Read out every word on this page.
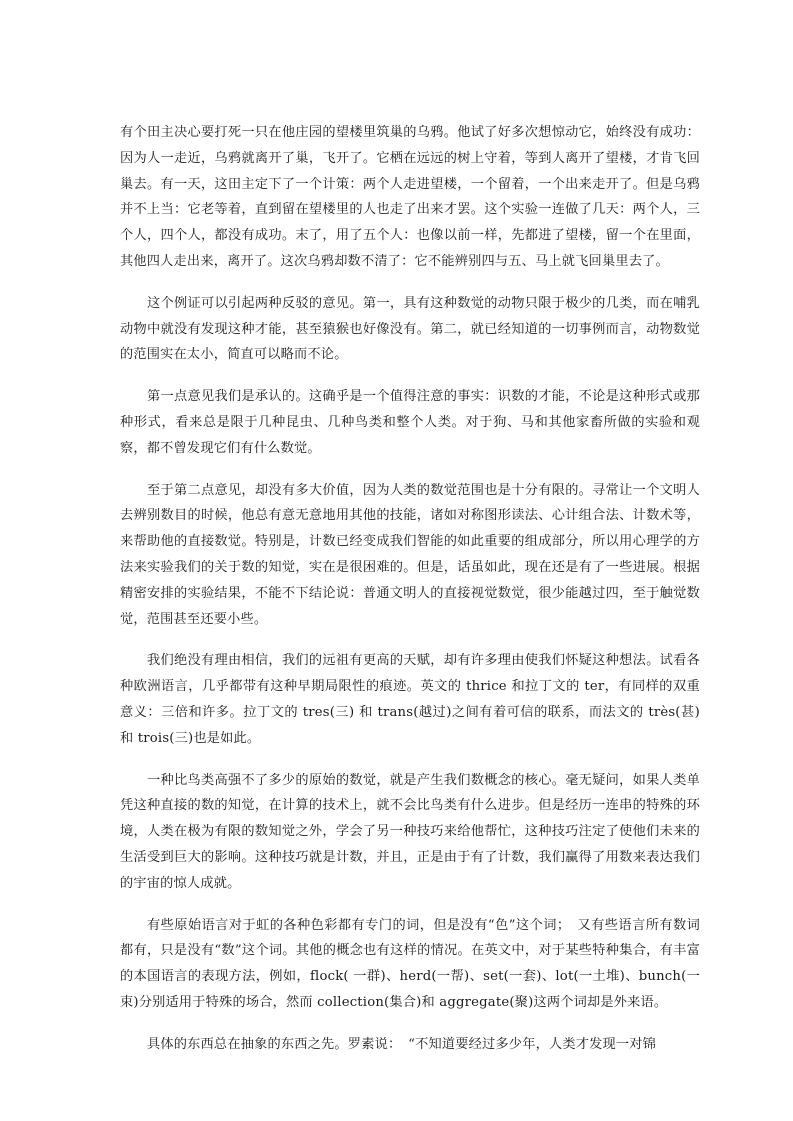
有个田主决心要打死一只在他庄园的望楼里筑巢的乌鸦。他试了好多次想惊动它，始终没有成功：因为人一走近，乌鸦就离开了巢，飞开了。它栖在远远的树上守着，等到人离开了望楼，才肯飞回巢去。有一天，这田主定下了一个计策：两个人走进望楼，一个留着，一个出来走开了。但是乌鸦并不上当：它老等着，直到留在望楼里的人也走了出来才罢。这个实验一连做了几天：两个人，三个人，四个人，都没有成功。末了，用了五个人：也像以前一样，先都进了望楼，留一个在里面，其他四人走出来，离开了。这次乌鸦却数不清了：它不能辨别四与五、马上就飞回巢里去了。

这个例证可以引起两种反驳的意见。第一，具有这种数觉的动物只限于极少的几类，而在哺乳动物中就没有发现这种才能，甚至猿猴也好像没有。第二，就已经知道的一切事例而言，动物数觉的范围实在太小，简直可以略而不论。

第一点意见我们是承认的。这确乎是一个值得注意的事实：识数的才能，不论是这种形式或那种形式，看来总是限于几种昆虫、几种鸟类和整个人类。对于狗、马和其他家畜所做的实验和观察，都不曾发现它们有什么数觉。

至于第二点意见，却没有多大价值，因为人类的数觉范围也是十分有限的。寻常让一个文明人去辨别数目的时候，他总有意无意地用其他的技能，诸如对称图形读法、心计组合法、计数术等，来帮助他的直接数觉。特别是，计数已经变成我们智能的如此重要的组成部分，所以用心理学的方法来实验我们的关于数的知觉，实在是很困难的。但是，话虽如此，现在还是有了一些进展。根据精密安排的实验结果，不能不下结论说：普通文明人的直接视觉数觉，很少能越过四，至于触觉数觉，范围甚至还要小些。

我们绝没有理由相信，我们的远祖有更高的天赋，却有许多理由使我们怀疑这种想法。试看各种欧洲语言，几乎都带有这种早期局限性的痕迹。英文的 thrice 和拉丁文的 ter，有同样的双重意义：三倍和许多。拉丁文的 tres(三) 和 trans(越过)之间有着可信的联系，而法文的 très(甚) 和 trois(三)也是如此。

一种比鸟类高强不了多少的原始的数觉，就是产生我们数概念的核心。毫无疑问，如果人类单凭这种直接的数的知觉，在计算的技术上，就不会比鸟类有什么进步。但是经历一连串的特殊的环境，人类在极为有限的数知觉之外，学会了另一种技巧来给他帮忙，这种技巧注定了使他们未来的生活受到巨大的影响。这种技巧就是计数，并且，正是由于有了计数，我们赢得了用数来表达我们的宇宙的惊人成就。

有些原始语言对于虹的各种色彩都有专门的词，但是没有“色”这个词；　又有些语言所有数词都有，只是没有“数”这个词。其他的概念也有这样的情况。在英文中，对于某些特种集合，有丰富的本国语言的表现方法，例如，flock( 一群)、herd(一帮)、set(一套)、lot(一土堆)、bunch(一束)分别适用于特殊的场合，然而 collection(集合)和 aggregate(聚)这两个词却是外来语。

具体的东西总在抽象的东西之先。罗素说：　“不知道要经过多少年，人类才发现一对锦
